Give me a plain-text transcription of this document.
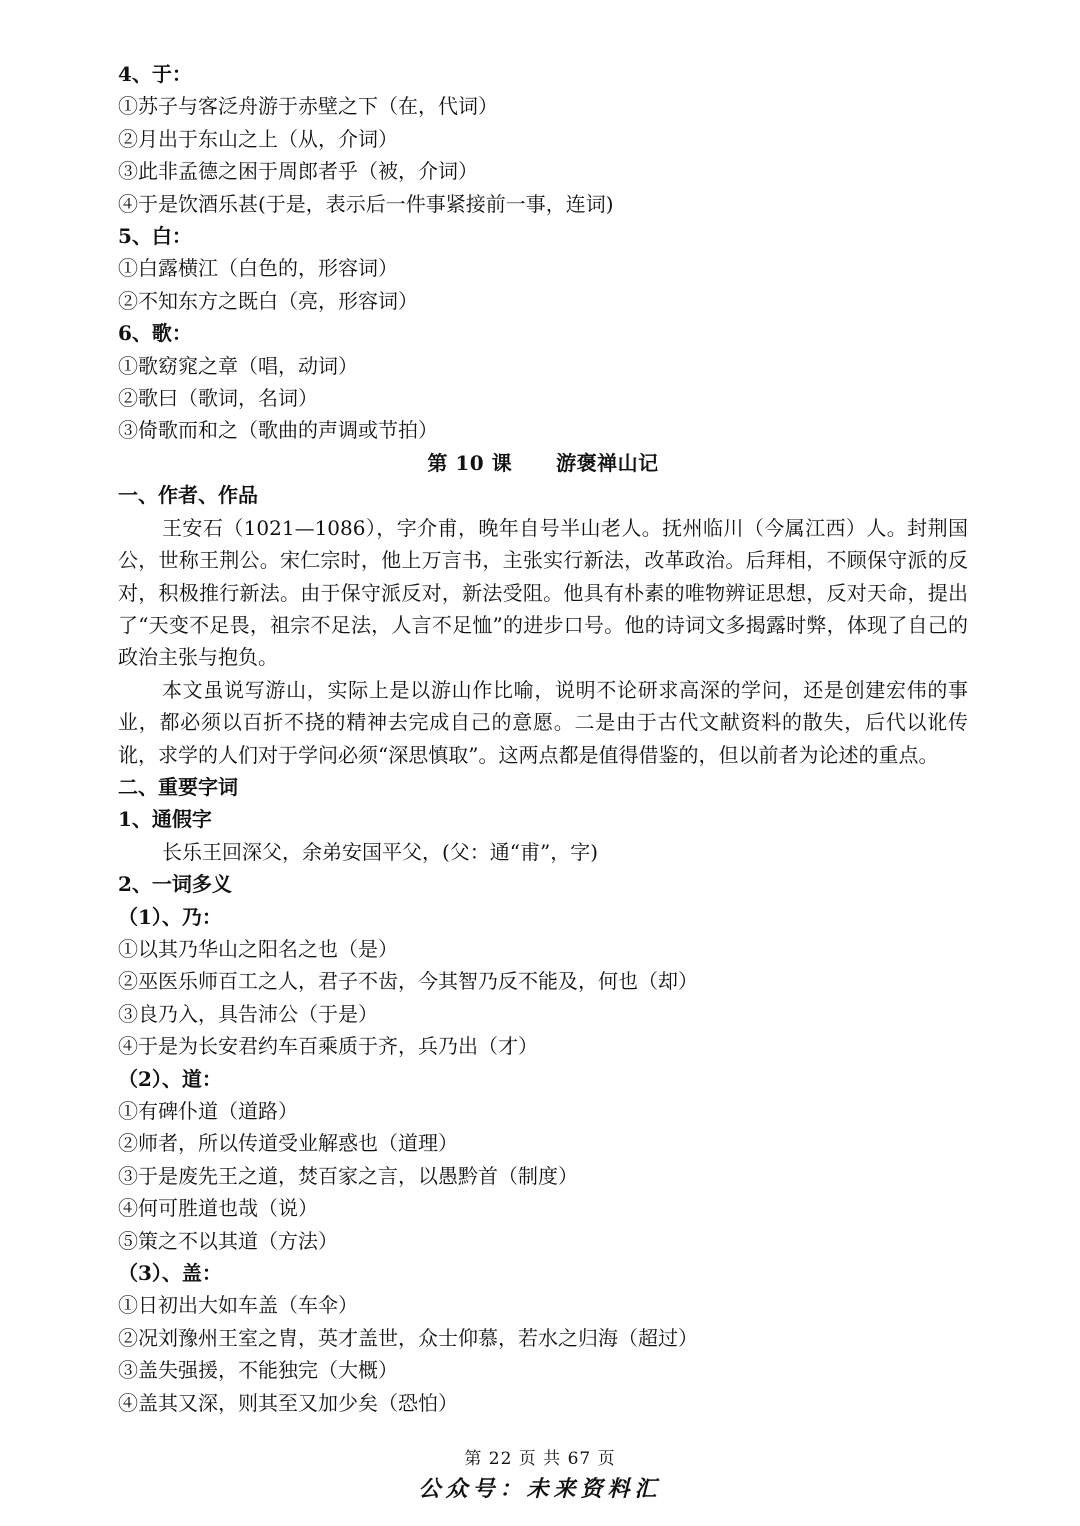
4、于：
①苏子与客泛舟游于赤壁之下（在，代词）
②月出于东山之上（从，介词）
③此非孟德之困于周郎者乎（被，介词）
④于是饮酒乐甚(于是，表示后一件事紧接前一事，连词)
5、白：
①白露横江（白色的，形容词）
②不知东方之既白（亮，形容词）
6、歌：
①歌窈窕之章（唱，动词）
②歌曰（歌词，名词）
③倚歌而和之（歌曲的声调或节拍）
第 10 课 游褒禅山记
一、作者、作品
王安石（1021—1086），字介甫，晚年自号半山老人。抚州临川（今属江西）人。封荆国公，世称王荆公。宋仁宗时，他上万言书，主张实行新法，改革政治。后拜相，不顾保守派的反对，积极推行新法。由于保守派反对，新法受阻。他具有朴素的唯物辨证思想，反对天命，提出了“天变不足畏，祖宗不足法，人言不足恤”的进步口号。他的诗词文多揭露时弊，体现了自己的政治主张与抱负。
本文虽说写游山，实际上是以游山作比喻，说明不论研求高深的学问，还是创建宏伟的事业，都必须以百折不挠的精神去完成自己的意愿。二是由于古代文献资料的散失，后代以讹传讹，求学的人们对于学问必须“深思慎取”。这两点都是值得借鉴的，但以前者为论述的重点。
二、重要字词
1、通假字
长乐王回深父，余弟安国平父，(父：通“甫”，字)
2、一词多义
（1）、乃：
①以其乃华山之阳名之也（是）
②巫医乐师百工之人，君子不齿，今其智乃反不能及，何也（却）
③良乃入，具告沛公（于是）
④于是为长安君约车百乘质于齐，兵乃出（才）
（2）、道：
①有碑仆道（道路）
②师者，所以传道受业解惑也（道理）
③于是废先王之道，焚百家之言，以愚黔首（制度）
④何可胜道也哉（说）
⑤策之不以其道（方法）
（3）、盖：
①日初出大如车盖（车伞）
②况刘豫州王室之胄，英才盖世，众士仰慕，若水之归海（超过）
③盖失强援，不能独完（大概）
④盖其又深，则其至又加少矣（恐怕）
第 22 页 共 67 页
公众号：未来资料汇
